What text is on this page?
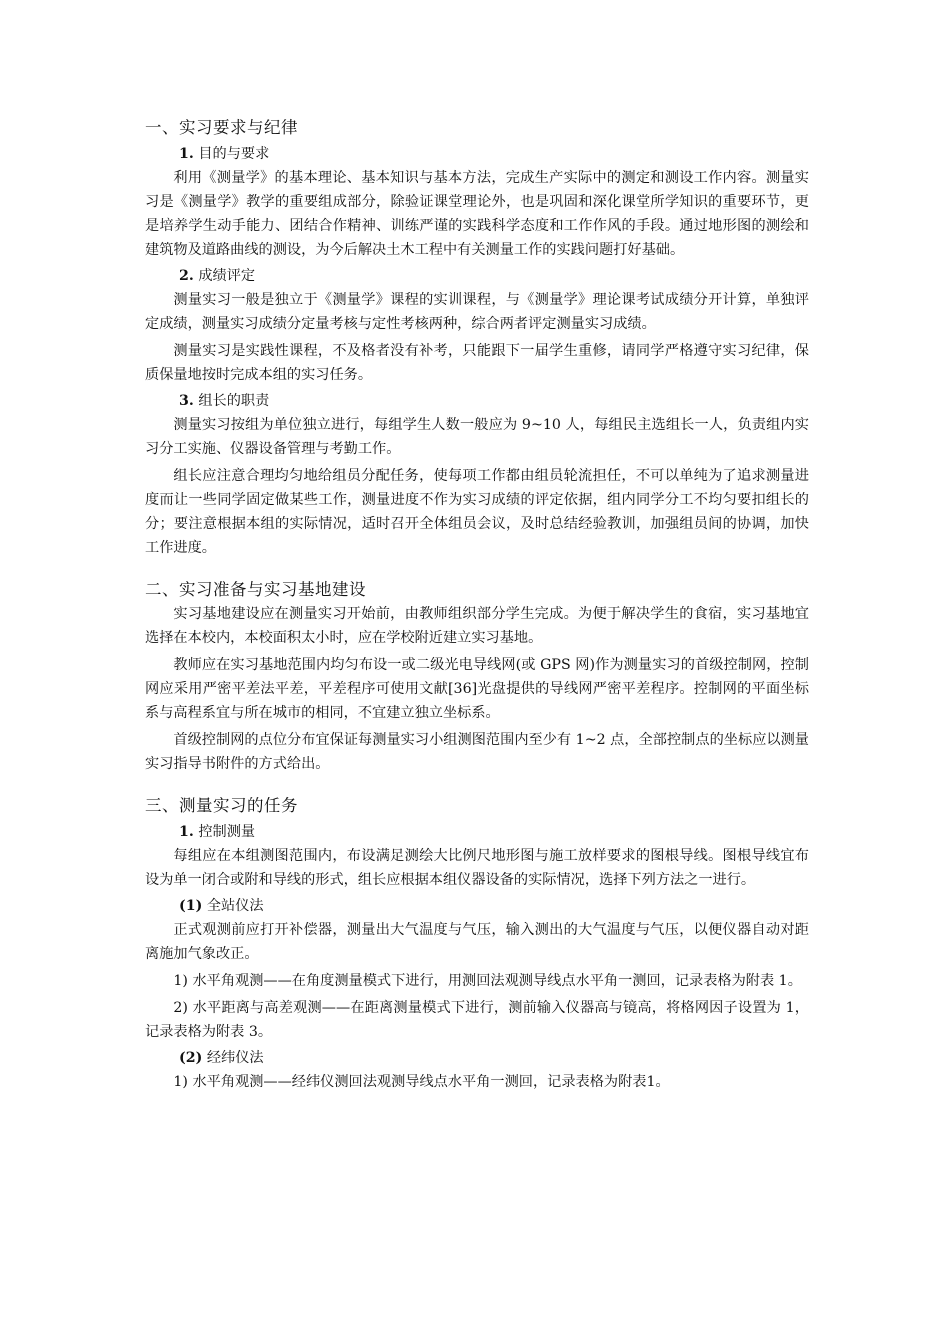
一、实习要求与纪律
1. 目的与要求

利用《测量学》的基本理论、基本知识与基本方法，完成生产实际中的测定和测设工作内容。测量实习是《测量学》教学的重要组成部分，除验证课堂理论外，也是巩固和深化课堂所学知识的重要环节，更是培养学生动手能力、团结合作精神、训练严谨的实践科学态度和工作作风的手段。通过地形图的测绘和建筑物及道路曲线的测设，为今后解决土木工程中有关测量工作的实践问题打好基础。

2. 成绩评定

测量实习一般是独立于《测量学》课程的实训课程，与《测量学》理论课考试成绩分开计算，单独评定成绩，测量实习成绩分定量考核与定性考核两种，综合两者评定测量实习成绩。

测量实习是实践性课程，不及格者没有补考，只能跟下一届学生重修，请同学严格遵守实习纪律，保质保量地按时完成本组的实习任务。

3. 组长的职责

测量实习按组为单位独立进行，每组学生人数一般应为 9~10 人，每组民主选组长一人，负责组内实习分工实施、仪器设备管理与考勤工作。

组长应注意合理均匀地给组员分配任务，使每项工作都由组员轮流担任，不可以单纯为了追求测量进度而让一些同学固定做某些工作，测量进度不作为实习成绩的评定依据，组内同学分工不均匀要扣组长的分；要注意根据本组的实际情况，适时召开全体组员会议，及时总结经验教训，加强组员间的协调，加快工作进度。

二、实习准备与实习基地建设

实习基地建设应在测量实习开始前，由教师组织部分学生完成。为便于解决学生的食宿，实习基地宜选择在本校内，本校面积太小时，应在学校附近建立实习基地。

教师应在实习基地范围内均匀布设一或二级光电导线网(或 GPS 网)作为测量实习的首级控制网，控制网应采用严密平差法平差，平差程序可使用文献[36]光盘提供的导线网严密平差程序。控制网的平面坐标系与高程系宜与所在城市的相同，不宜建立独立坐标系。

首级控制网的点位分布宜保证每测量实习小组测图范围内至少有 1~2 点，全部控制点的坐标应以测量实习指导书附件的方式给出。

三、测量实习的任务
1. 控制测量

每组应在本组测图范围内，布设满足测绘大比例尺地形图与施工放样要求的图根导线。图根导线宜布设为单一闭合或附和导线的形式，组长应根据本组仪器设备的实际情况，选择下列方法之一进行。

(1) 全站仪法

正式观测前应打开补偿器，测量出大气温度与气压，输入测出的大气温度与气压，以便仪器自动对距离施加气象改正。

1) 水平角观测——在角度测量模式下进行，用测回法观测导线点水平角一测回，记录表格为附表 1。

2) 水平距离与高差观测——在距离测量模式下进行，测前输入仪器高与镜高，将格网因子设置为 1，记录表格为附表 3。

(2) 经纬仪法

1) 水平角观测——经纬仪测回法观测导线点水平角一测回，记录表格为附表1。
